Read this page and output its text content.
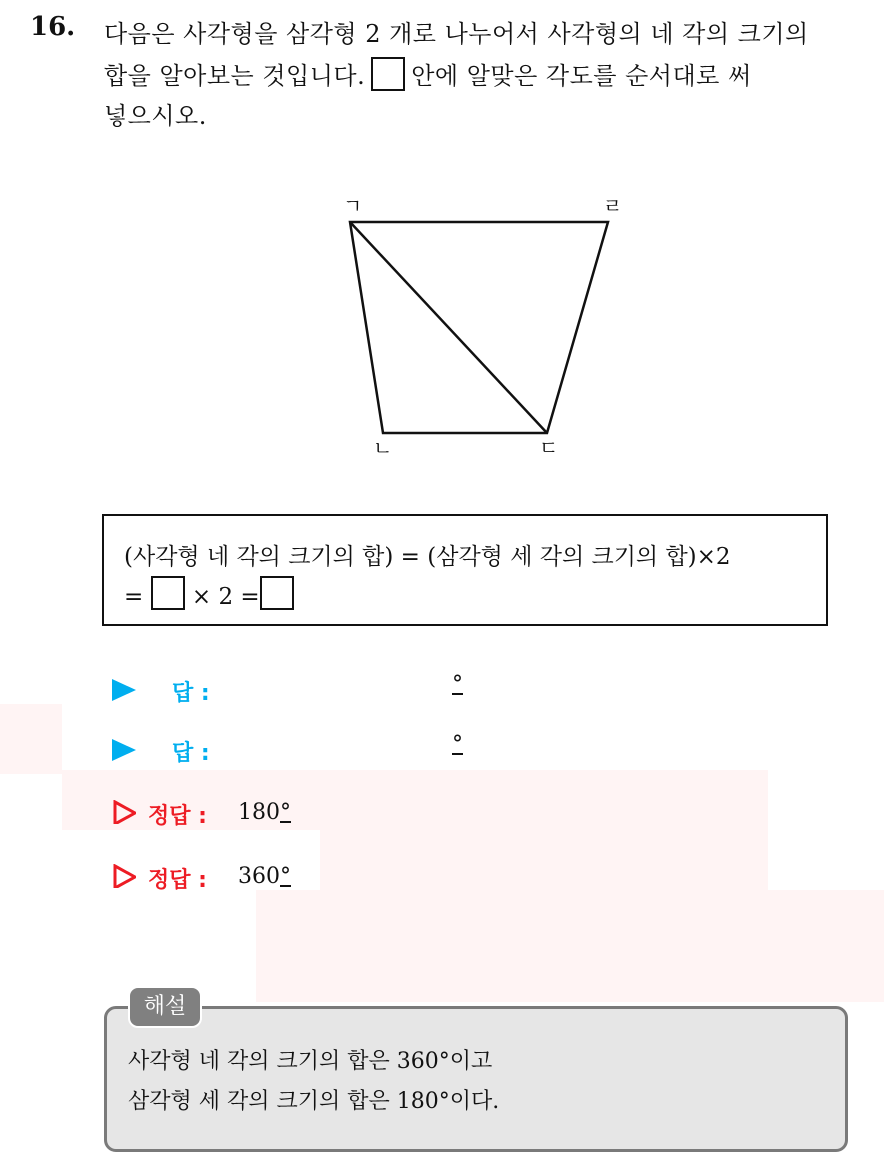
16. 다음은 사각형을 삼각형 2 개로 나누어서 사각형의 네 각의 크기의
합을 알아보는 것입니다. 안에 알맞은 각도를 순서대로 써
넣으시오.
ㄱ
ㄴ	ㄷ
ㄹ
(사각형 네 각의 크기의 합) = (삼각형 세 각의 크기의 합)×2
= × 2 =
답 :	°
답 :	°
정답 : 180°
정답 : 360°
해설
사각형 네 각의 크기의 합은 360°이고
삼각형 세 각의 크기의 합은 180°이다.
